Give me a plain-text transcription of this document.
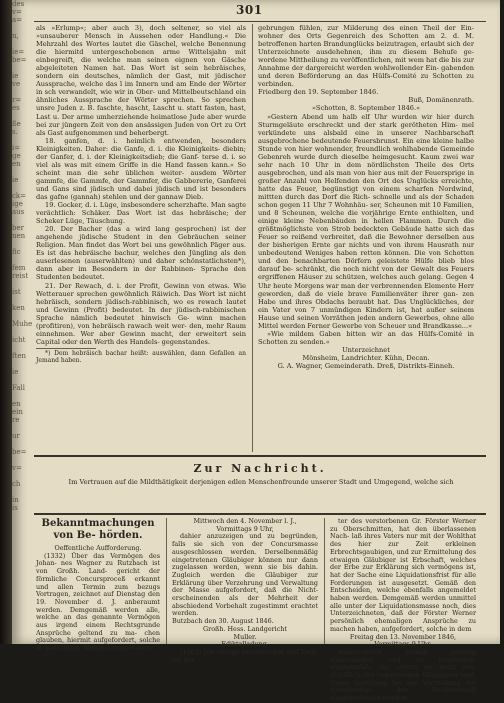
des
v=
a=

n,

ie=
be=

ie
ve

r=
es

ße
s.

i=
ge
en

ie

ck=
ige
aus

ber
nen

fic

fem
reist

ist

ken

Muhe

icht

ften

ie

Fall

en
ein
re

ur

be=

v=

ch

in
is
301

als »Erlump«; aber auch 3), doch seltener, so viel als »unsauberer Mensch in Aussehen oder Handlung.« Die Mehrzahl des Wortes lautet die Gäschel, welche Benennung die hiermitd untergeschobenen arme Wittelsjahn mit einbegreift, die welche man seinen eignen von Gäsche abgeleiteten Namen hat. Das Wort ist sein hebräisches, sondern ein deutsches, nämlich der Gast, mit jüdischer Aussprache, welche das ī im Innern und am Ende der Wörter in sch verwandelt, wie wir in Ober- und Mittelbeutschland ein ähnliches Aussprache der Wörter sprechen. So sprechen unsre Juden z. B. faschte, hascht, Lascht u. statt fasten, hast, Last u. Der arme umherziehende heimatlose Jude aber wurde bei zur jüngern Zeit von den ansässigen Juden von Ort zu Ort als Gast aufgenommen und beherbergt.

18. ganfen, d. i. heimlich entwenden, besonders Kleinigkeiten. Daher: die Ganfe, d. i. die Kleinigkeits- diebin; der Ganfer, d. i. der Kleinigkeitsdieb; die Ganf- terse d. i. so viel als was mit einem Griffe in die Hand fassen kann.« So scheint man die sehr üblichen weiter- ausdem Wörter gammfe, die Gammfe, der Gammfer, die Gabbererie, Ganferei und Gans sind jüdisch und dabei jüdisch und ist besonders das gafne (gannah) stehlen und der gannaw Dieb.

19. Gocker, d. i. Lüge, insbesondere scherzhafte. Man sagte verächtlich: Schäker. Das Wort ist das hebräische; der Scheker Lüge, Täuschung.

20. Der Bacher (das a wird lang gesprochen) ist der angehende jüdische Student in den Gebräuchen seiner Religion. Man findet das Wort bei uns gewöhnlich Päger aus. Es ist das hebräische bachur, welches den Jüngling als den auserlesenen (auserwählten) und daher schönstatlichsten*), dann aber im Besondern in der Rabbinen- Sprache den Studenten bedeutet.

21. Der Rewach, d. i. der Profit, Gewinn von etwas. Wie Wetterauer sprechen gewöhnlich Räiwich. Das Wort ist nicht hebräisch, sondern jüdisch-rabbinisch, wo es rewach lautet und Gewinn (Profit) bedeutet. In der jüdisch-rabbinischen Sprache nämlich bedeutet hinwisch Ge- winn machen (profitiren), von hebräisch rawach weit wer- den, mehr Raum einnehmen. Wer aber Gewinn macht, der erweitert sein Capital oder den Werth des Handels- gegenstandes.

*) Dem hebräisch bachar heißt: auswählen, dann Gefallen an Jemand haben.

gebrungen fühlen, zur Milderung des einen Theil der Ein- wohner des Orts Gegenreich des Schotten am 2. d. M. betroffenen harten Brandunglücks beizutragen, erlaubt sich der Unterzeichnete ausdehehnen, ihm zu diesem Behufe ge- wordene Mittheilung zu veröffentlichen, mit wem hat die bis zur Annahme der dargereicht werden wohlwollender Ein- gabenden und deren Beförderung an das Hülfs-Comité zu Schotten zu verbinden.

Friedberg den 19. September 1846.

Buß, Domänenrath.

»Schotten, 8. September 1846.«

»Gestern Abend um halb elf Uhr wurden wir hier durch Sturmgeläute erschreckt und der stark gerötheten Him- mel verkündete uns alsbald eine in unserer Nachbarschaft ausgebrochene bedeutende Feuersbrunst. Ein eine kleine halbe Stunde von hier wohnender, freundlich wohlhabende Gemeinde Gebenreh wurde durch dieselbe heimgesucht. Kaum zwei war sehr nach 10 Uhr in dem nördlichsten Theile des Orts ausgebrochen, und als man von hier aus mit der Feuersprige in großer Anzahl von Helfenden den Ort des Unglücks erreichte, hatte das Feuer, begünstigt von einem scharfen Nordwind, mittten durch das Dorf die Rich- schnelle und als der Schaden schon gegen 11 Uhr 7 Wohnhäu- ser, Scheunen mit 10 Familien, und 8 Scheunen, welche die vorjährige Ernte enthielten, und einige kleine Nebenbäuden in hellen Flammen. Durch die größtmöglichste von Strob bedeckten Gebäude hatte sich das Feuer so reißend verbreitet, daß die Bewohner derselben aus der bisherigen Ernte gar nichts und von ihrem Hausrath nur unbedeutend Weniges haben retten können. Die von Schotten und den benachbarten Dörfern geleistete Hülfe blieb blos darauf be- schränkt, die noch nicht von der Gewalt des Feuers ergriffenen Häuser zu schützen, welches auch gelang. Gegen 4 Uhr heute Morgens war man der verbrennenden Elemente Herr geworden, daß de viele brave Familienväter ihrer gan- zen Habe und ihres Obdachs beraubt hat. Das Unglückliches, der ein Vater von 7 unmündigen Kindern ist, hat außer seinem Hause und seinen Vorräthen jeden andern Gewerbes, ohne alle Mittel werden Ferner Gewerbe von Scheuer und Brandkasse...«

»Wie mildem Gaben bitten wir an das Hülfs-Comité in Schotten zu senden.«

Unterzeichnet

Mönsheim, Landrichter. Kühn, Decan.

G. A. Wagner, Gemeinderath. Dreß, Distrikts-Einneh.

Zur Nachricht.
Im Vertrauen auf die Mildthätigkeit derjenigen edlen Menschenfreunde unserer Stadt und Umgegend, welche sich
Bekanntmachungen von Be- hörden.

Oeffentliche Aufforderung.

(1332) Über das Vermögen des Johan- nes Wagner zu Rutzbach ist von Großh. Land- gericht der förmliche Concursproceß erkannt und allen Termin zum bezugs Vortragen, zeichnet auf Dienstag den 19. November d. J. anberaumt werden. Demgemäß werden alle, welche an das genannte Vermögen aus irgend einem Rechtsgrunde Ansprüche geltend zu ma- chen glauben, hiermit aufgefordert, solche in gedachtem Termine zu gewissen

Mittwoch den 4. November l. J.,

Vormittags 9 Uhr,

dahier anzuzeigen und zu begründen, falls sie sich von der Concursmasse ausgeschlossen werden. Derselbenmäßig eingetretenen Gläubiger können nur dann zugelassen werden, wenn sie bis dahin. Zugleich werden die Gläubiger zur Erklärung über Verzehrung und Verwaltung der Masse aufgefordert, daß die Nicht- erscheinenden als der Mehrheit der abschiedend Vorbehalt zugestimmt erachtet werden.

Butzbach den 30. August 1846.

Großh. Hess. Landgericht

Muller.

Ediktalladung.

(1363) Die einzige Intestaterbin und Toch- ter des

ter des verstorbenen Gr. Förster Werner zu Oberschmitten, hat den überlassenen Nach- laß ihres Vaters nur mit der Wohlthat des hier zur Zeit erkleinen Erbrechtsgaubigen, und zur Ermittelung des etwaigen Gläubiger ist Erbschaft, welches der Erbe zur Erklärung sich vermögens ist, hat der Sache eine Liquidationsfrist für alle Forderungen ist ausgesetzt. Gemäß den Entscheiden, welche ebenfalls angemeldet haben werden. Demgemäß werden unmittel alle unter der Liquidationsmasse noch, dies Unterzeichneten, daß der Förster Werner persönlich ehemaligen Ansprüche zu machen haben, aufgefordert, solche in dem

Freitag den 13. November 1846,

Vormittags 9 Uhr,

anberaumten Termin gehörig sunzumelden und zu begründen, widrigenfalls sie, sofern sie nicht aus- drücklich des begehrenden Gläubigers sind, Unter Verfügung bei der Vertheilung der vorzubeuten- den Rechtsanwalt ausgeschlossen werden.
